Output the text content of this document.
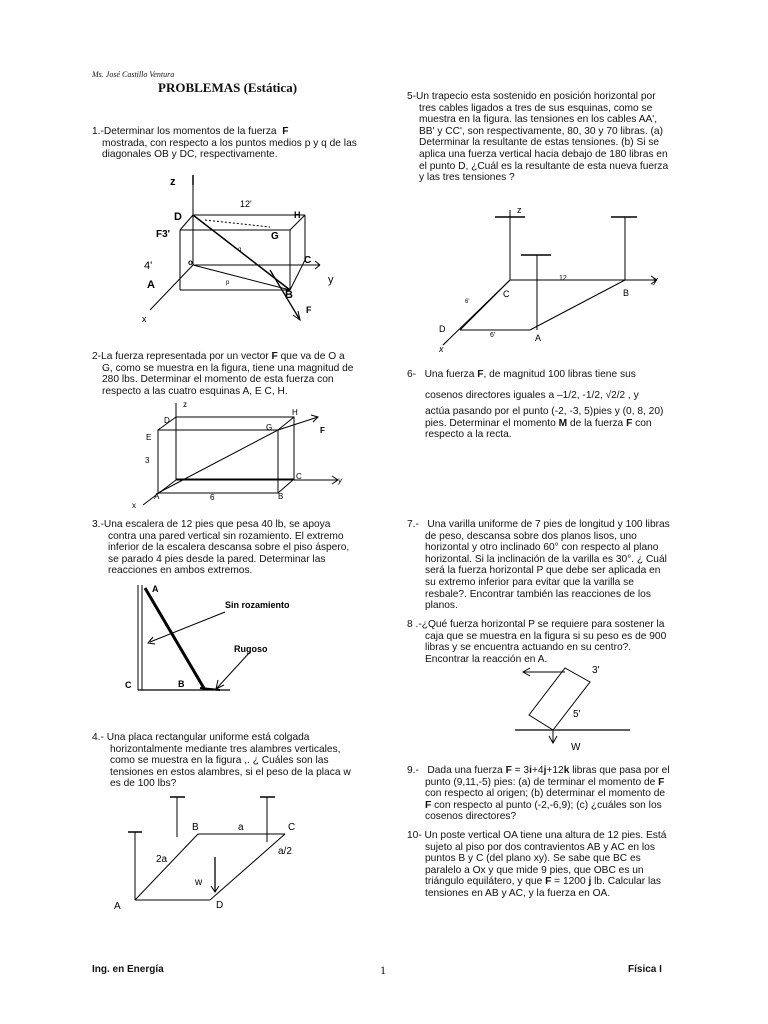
Ms. José Castillo Ventura
PROBLEMAS (Estática)
1.-Determinar los momentos de la fuerza F
mostrada, con respecto a los puntos medios p y q de las
diagonales OB y DC, respectivamente.
z
D	H
F3'	G
C
4'	o
y
A
B
x
F
12'
q
p
2-La fuerza representada por un vector F que va de O a
G, como se muestra en la figura, tiene una magnitud de
280 lbs. Determinar el momento de esta fuerza con
respecto a las cuatro esquinas A, E C, H.
z
D
H
E
G	F
3
C	y
A	B
x
6
3.-Una escalera de 12 pies que pesa 40 lb, se apoya
contra una pared vertical sin rozamiento. El extremo
inferior de la escalera descansa sobre el piso áspero,
se parado 4 pies desde la pared. Determinar las
reacciones en ambos extremos.
A
B
C
Sin rozamiento
Rugoso
4.- Una placa rectangular uniforme está colgada
horizontalmente mediante tres alambres verticales,
como se muestra en la figura ,. ¿ Cuáles son las
tensiones en estos alambres, si el peso de la placa w
es de 100 lbs?
B	a	C
a/2
2a
w
A	D
5-Un trapecio esta sostenido en posición horizontal por
tres cables ligados a tres de sus esquinas, como se
muestra en la figura. las tensiones en los cables AA',
BB' y CC', son respectivamente, 80, 30 y 70 libras. (a)
Determinar la resultante de estas tensiones. (b) Si se
aplica una fuerza vertical hacia debajo de 180 libras en
el punto D, ¿Cuál es la resultante de esta nueva fuerza
y las tres tensiones ?
z
12	y
6'
C	B
D
6'	A
x
6- Una fuerza F, de magnitud 100 libras tiene sus
cosenos directores iguales a –1/2, -1/2, √2/2 , y
actúa pasando por el punto (-2, -3, 5)pies y (0, 8, 20)
pies. Determinar el momento M de la fuerza F con
respecto a la recta.
7.- Una varilla uniforme de 7 pies de longitud y 100 libras
de peso, descansa sobre dos planos lisos, uno
horizontal y otro inclinado 60° con respecto al plano
horizontal. Si la inclinación de la varilla es 30°. ¿ Cuál
será la fuerza horizontal P que debe ser aplicada en
su extremo inferior para evitar que la varilla se
resbale?. Encontrar también las reacciones de los
planos.
8 .-¿Qué fuerza horizontal P se requiere para sostener la
caja que se muestra en la figura si su peso es de 900
libras y se encuentra actuando en su centro?.
Encontrar la reacción en A.
3'
5'
W
9.- Dada una fuerza F = 3i+4j+12k libras que pasa por el
punto (9,11,-5) pies: (a) de terminar el momento de F
con respecto al origen; (b) determinar el momento de
F con respecto al punto (-2,-6,9); (c) ¿cuáles son los
cosenos directores?
10- Un poste vertical OA tiene una altura de 12 pies. Está
sujeto al piso por dos contravientos AB y AC en los
puntos B y C (del plano xy). Se sabe que BC es
paralelo a Ox y que mide 9 pies, que OBC es un
triángulo equilátero, y que F = 1200 j lb. Calcular las
tensiones en AB y AC, y la fuerza en OA.
Ing. en Energía	1	Física I
